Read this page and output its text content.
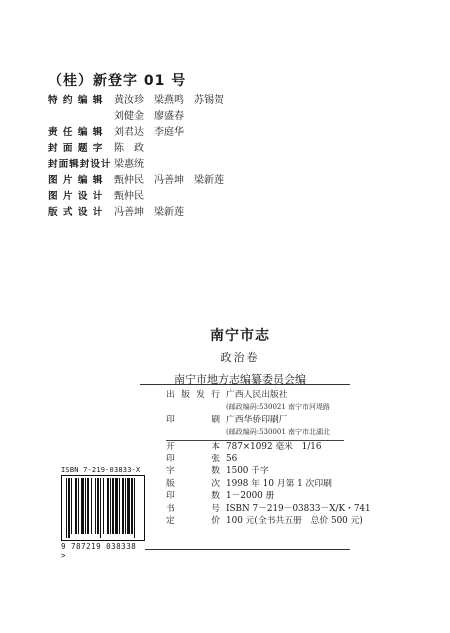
（桂）新登字 01 号
特 约 编 辑	黄汝珍 梁燕鸣 苏锡贺
刘健金 廖盛春
责 任 编 辑	刘君达 李庭华
封 面 题 字	陈　政
封面辑封设计 梁惠统
图 片 编 辑	甄仲民 冯善坤 梁新莲
图 片 设 计	甄仲民
版 式 设 计	冯善坤 梁新莲
南宁市志
政治卷
南宁市地方志编纂委员会编
出版发行 广西人民出版社
(邮政编码:530021 南宁市河堤路
印　　刷 广西华侨印刷厂
(邮政编码:530001 南宁市北湖北
开　　本 787×1092 毫米　1/16
印　　张 56
字　　数 1500 千字
版　　次 1998 年 10 月第 1 次印刷
印　　数 1－2000 册
书　　号 ISBN 7－219－03833－X/K・741
定　　价 100 元(全书共五册　总价 500 元)
ISBN 7-219-03833-X
9 787219 038338 >
